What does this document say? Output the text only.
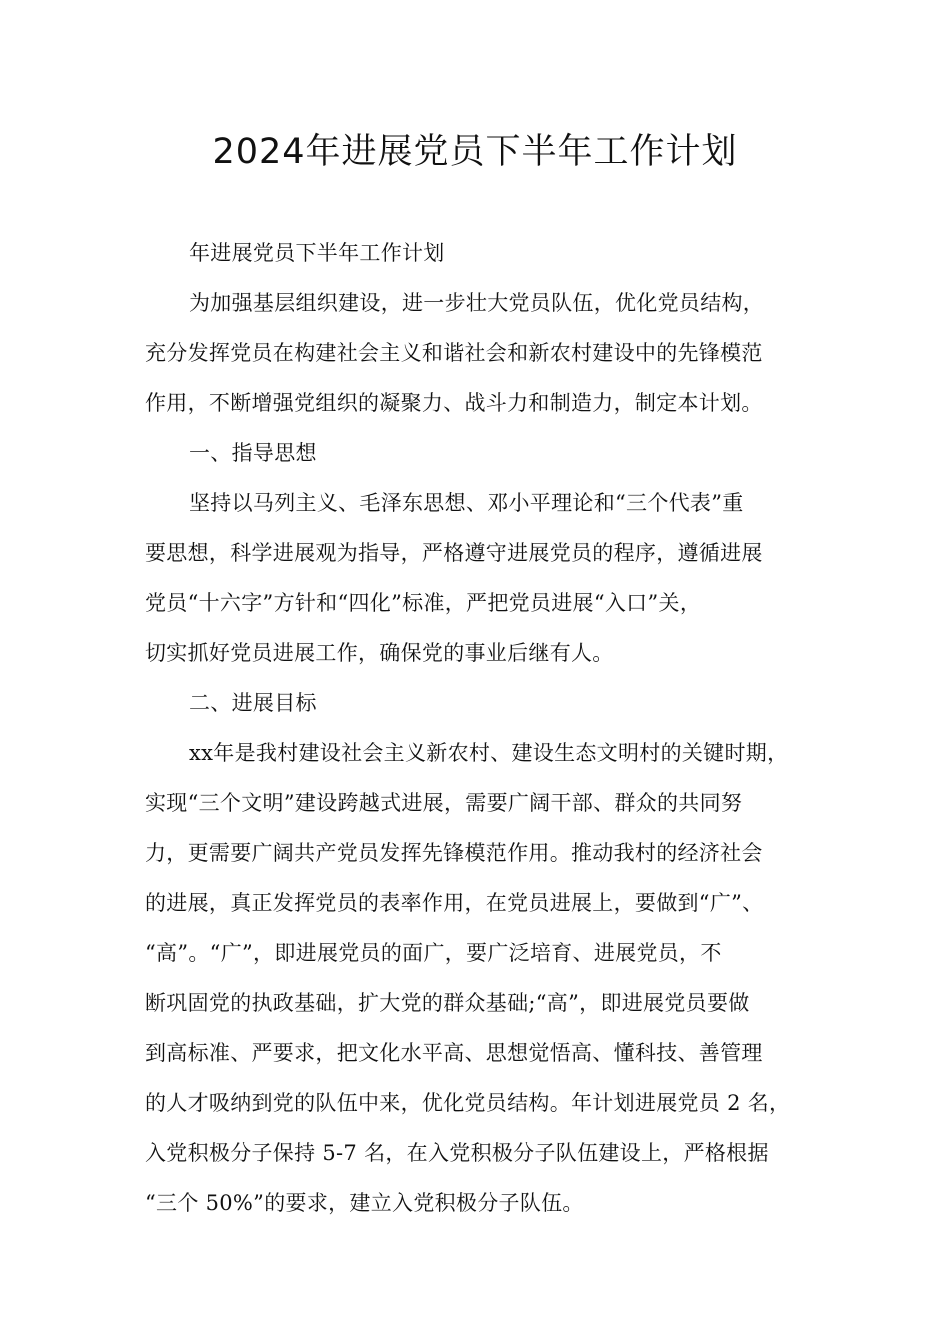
2024年进展党员下半年工作计划
年进展党员下半年工作计划
为加强基层组织建设，进一步壮大党员队伍，优化党员结构，
充分发挥党员在构建社会主义和谐社会和新农村建设中的先锋模范
作用，不断增强党组织的凝聚力、战斗力和制造力，制定本计划。
一、指导思想
坚持以马列主义、毛泽东思想、邓小平理论和“三个代表”重
要思想，科学进展观为指导，严格遵守进展党员的程序，遵循进展
党员“十六字”方针和“四化”标准，严把党员进展“入口”关，
切实抓好党员进展工作，确保党的事业后继有人。
二、进展目标
xx年是我村建设社会主义新农村、建设生态文明村的关键时期，
实现“三个文明”建设跨越式进展，需要广阔干部、群众的共同努
力，更需要广阔共产党员发挥先锋模范作用。推动我村的经济社会
的进展，真正发挥党员的表率作用，在党员进展上，要做到“广”、
“高”。“广”，即进展党员的面广，要广泛培育、进展党员，不
断巩固党的执政基础，扩大党的群众基础;“高”，即进展党员要做
到高标准、严要求，把文化水平高、思想觉悟高、懂科技、善管理
的人才吸纳到党的队伍中来，优化党员结构。年计划进展党员 2 名，
入党积极分子保持 5-7 名，在入党积极分子队伍建设上，严格根据
“三个 50%”的要求，建立入党积极分子队伍。
